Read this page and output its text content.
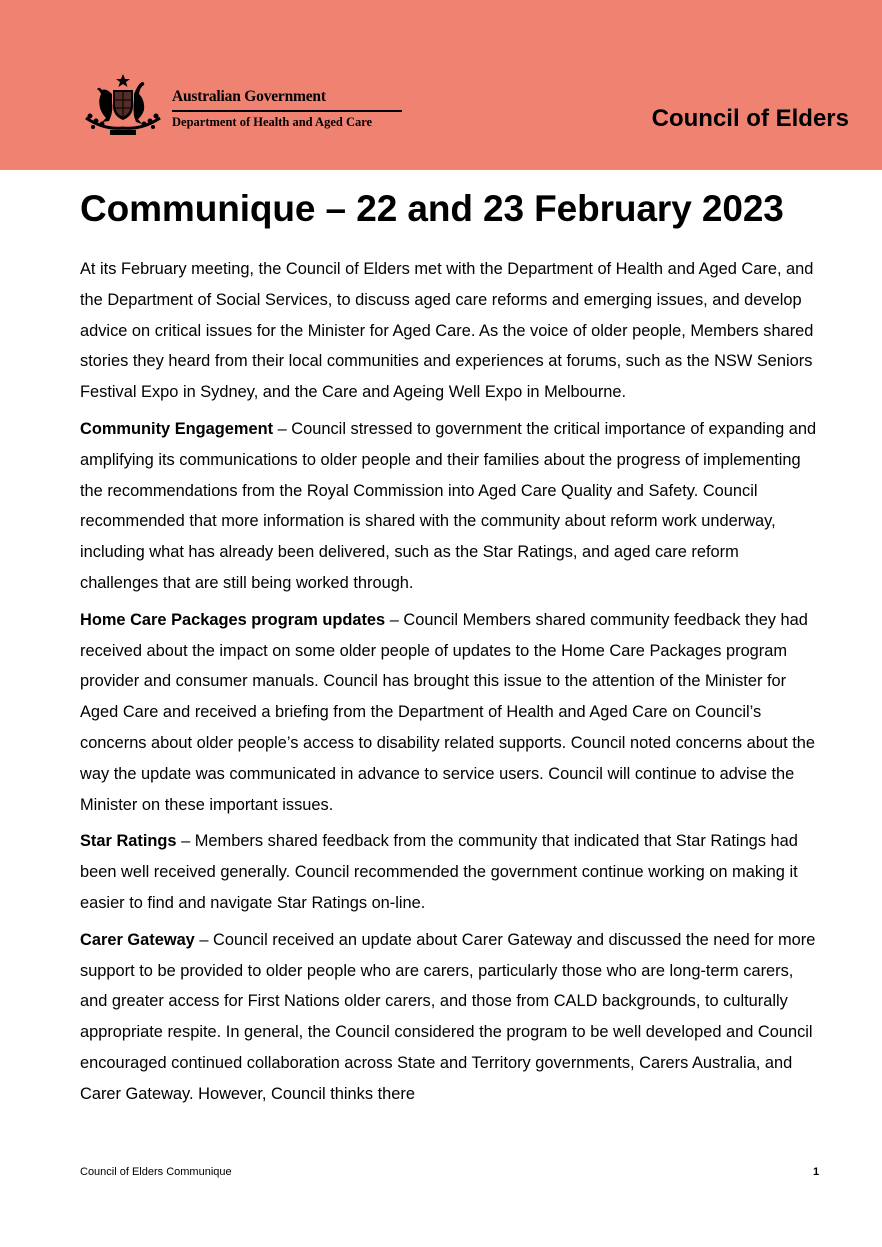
Australian Government
Department of Health and Aged Care	Council of Elders
Communique – 22 and 23 February 2023

At its February meeting, the Council of Elders met with the Department of Health and Aged Care, and the Department of Social Services, to discuss aged care reforms and emerging issues, and develop advice on critical issues for the Minister for Aged Care. As the voice of older people, Members shared stories they heard from their local communities and experiences at forums, such as the NSW Seniors Festival Expo in Sydney, and the Care and Ageing Well Expo in Melbourne.

Community Engagement – Council stressed to government the critical importance of expanding and amplifying its communications to older people and their families about the progress of implementing the recommendations from the Royal Commission into Aged Care Quality and Safety. Council recommended that more information is shared with the community about reform work underway, including what has already been delivered, such as the Star Ratings, and aged care reform challenges that are still being worked through.

Home Care Packages program updates – Council Members shared community feedback they had received about the impact on some older people of updates to the Home Care Packages program provider and consumer manuals. Council has brought this issue to the attention of the Minister for Aged Care and received a briefing from the Department of Health and Aged Care on Council’s concerns about older people’s access to disability related supports. Council noted concerns about the way the update was communicated in advance to service users. Council will continue to advise the Minister on these important issues.

Star Ratings – Members shared feedback from the community that indicated that Star Ratings had been well received generally. Council recommended the government continue working on making it easier to find and navigate Star Ratings on-line.

Carer Gateway – Council received an update about Carer Gateway and discussed the need for more support to be provided to older people who are carers, particularly those who are long-term carers, and greater access for First Nations older carers, and those from CALD backgrounds, to culturally appropriate respite. In general, the Council considered the program to be well developed and Council encouraged continued collaboration across State and Territory governments, Carers Australia, and Carer Gateway. However, Council thinks there

Council of Elders Communique	1
